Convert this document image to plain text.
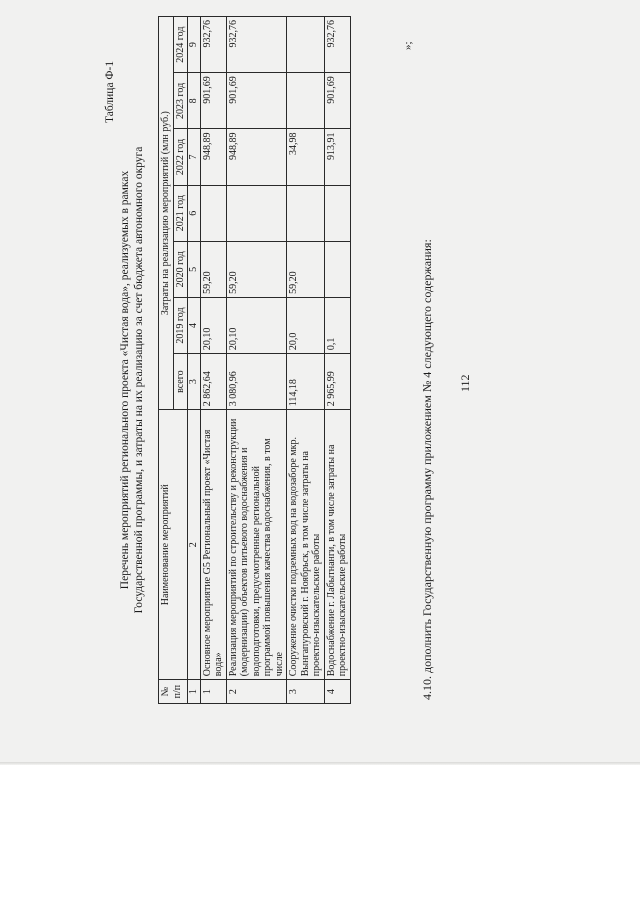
112
Таблица Ф-1
Перечень мероприятий регионального проекта «Чистая вода», реализуемых в рамках Государственной программы, и затраты на их реализацию за счет бюджета автономного округа
№ п/п	Наименование мероприятий	Затраты на реализацию мероприятий (млн руб.)						
		всего	2019 год	2020 год	2021 год	2022 год	2023 год	2024 год
1	2	3	4	5	6	7	8	9
1	Основное мероприятие G5 Региональный проект «Чистая вода»	2 862,64	20,10	59,20		948,89	901,69	932,76
2	Реализация мероприятий по строительству и реконструкции (модернизации) объектов питьевого водоснабжения и водоподготовки, предусмотренные региональной программой повышения качества водоснабжения, в том числе	3 080,96	20,10	59,20		948,89	901,69	932,76
3	Сооружение очистки подземных вод на водозаборе мкр. Вынгапуровский г. Ноябрьск, в том числе затраты на проектно-изыскательские работы	114,18	20,0	59,20		34,98		
4	Водоснабжение г. Лабытнанги, в том числе затраты на проектно-изыскательские работы	2 965,99	0,1			913,91	901,69	932,76	»;
4.10. дополнить Государственную программу приложением № 4 следующего содержания:
